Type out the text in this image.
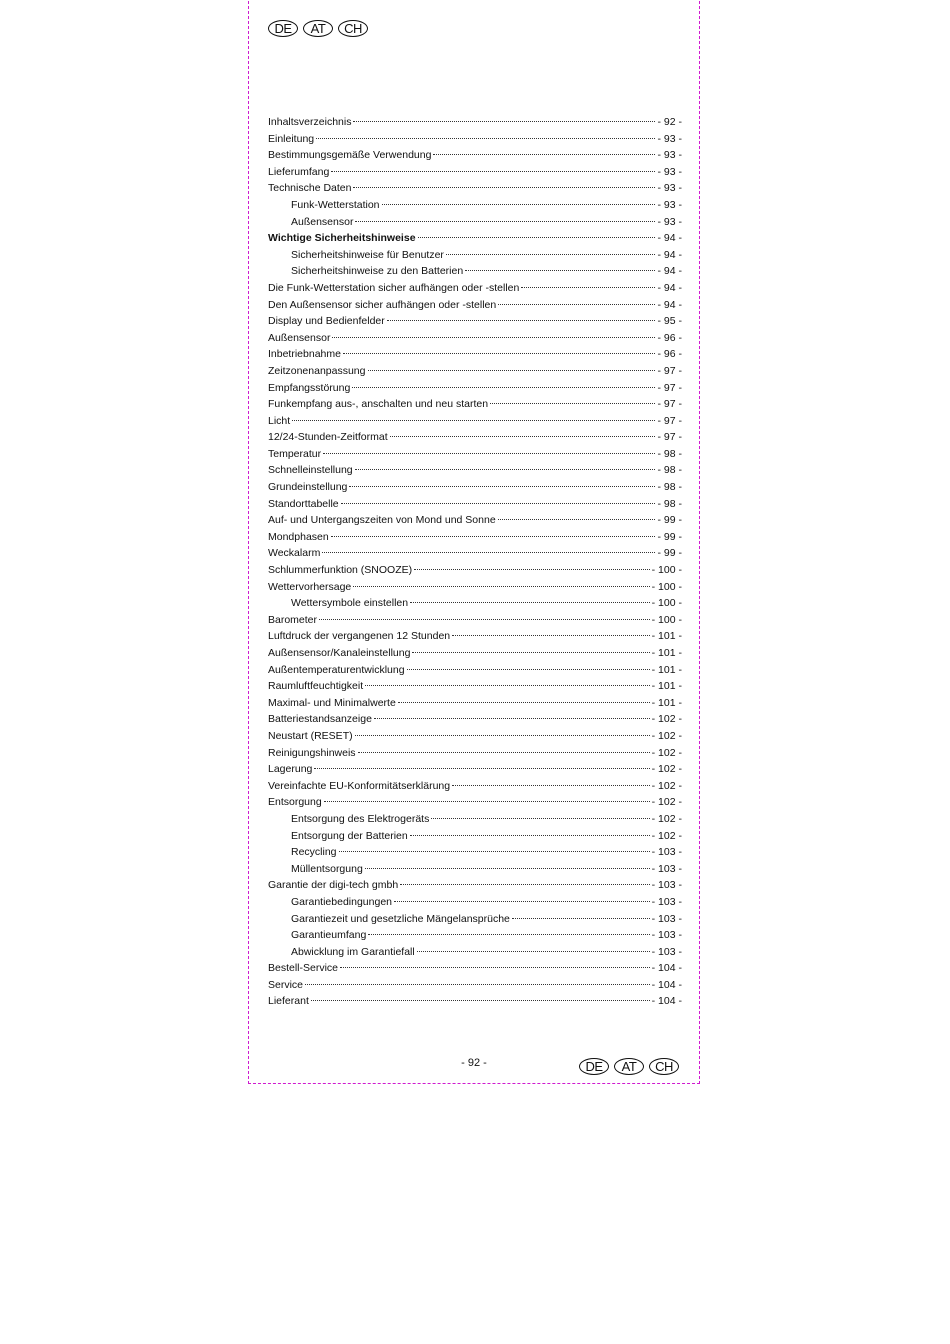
DE	AT	CH
Inhaltsverzeichnis	- 92 -
Einleitung	- 93 -
Bestimmungsgemäße Verwendung	- 93 -
Lieferumfang	- 93 -
Technische Daten	- 93 -
Funk-Wetterstation	- 93 -
Außensensor	- 93 -
Wichtige Sicherheitshinweise	- 94 -
Sicherheitshinweise für Benutzer	- 94 -
Sicherheitshinweise zu den Batterien	- 94 -
Die Funk-Wetterstation sicher aufhängen oder -stellen	- 94 -
Den Außensensor sicher aufhängen oder -stellen	- 94 -
Display und Bedienfelder	- 95 -
Außensensor	- 96 -
Inbetriebnahme	- 96 -
Zeitzonenanpassung	- 97 -
Empfangsstörung	- 97 -
Funkempfang aus-, anschalten und neu starten	- 97 -
Licht	- 97 -
12/24-Stunden-Zeitformat	- 97 -
Temperatur	- 98 -
Schnelleinstellung	- 98 -
Grundeinstellung	- 98 -
Standorttabelle	- 98 -
Auf- und Untergangszeiten von Mond und Sonne	- 99 -
Mondphasen	- 99 -
Weckalarm	- 99 -
Schlummerfunktion (SNOOZE)	- 100 -
Wettervorhersage	- 100 -
Wettersymbole einstellen	- 100 -
Barometer	- 100 -
Luftdruck der vergangenen 12 Stunden	- 101 -
Außensensor/Kanaleinstellung	- 101 -
Außentemperaturentwicklung	- 101 -
Raumluftfeuchtigkeit	- 101 -
Maximal- und Minimalwerte	- 101 -
Batteriestandsanzeige	- 102 -
Neustart (RESET)	- 102 -
Reinigungshinweis	- 102 -
Lagerung	- 102 -
Vereinfachte EU-Konformitätserklärung	- 102 -
Entsorgung	- 102 -
Entsorgung des Elektrogeräts	- 102 -
Entsorgung der Batterien	- 102 -
Recycling	- 103 -
Müllentsorgung	- 103 -
Garantie der digi-tech gmbh	- 103 -
Garantiebedingungen	- 103 -
Garantiezeit und gesetzliche Mängelansprüche	- 103 -
Garantieumfang	- 103 -
Abwicklung im Garantiefall	- 103 -
Bestell-Service	- 104 -
Service	- 104 -
Lieferant	- 104 -
- 92 -	DE	AT	CH
